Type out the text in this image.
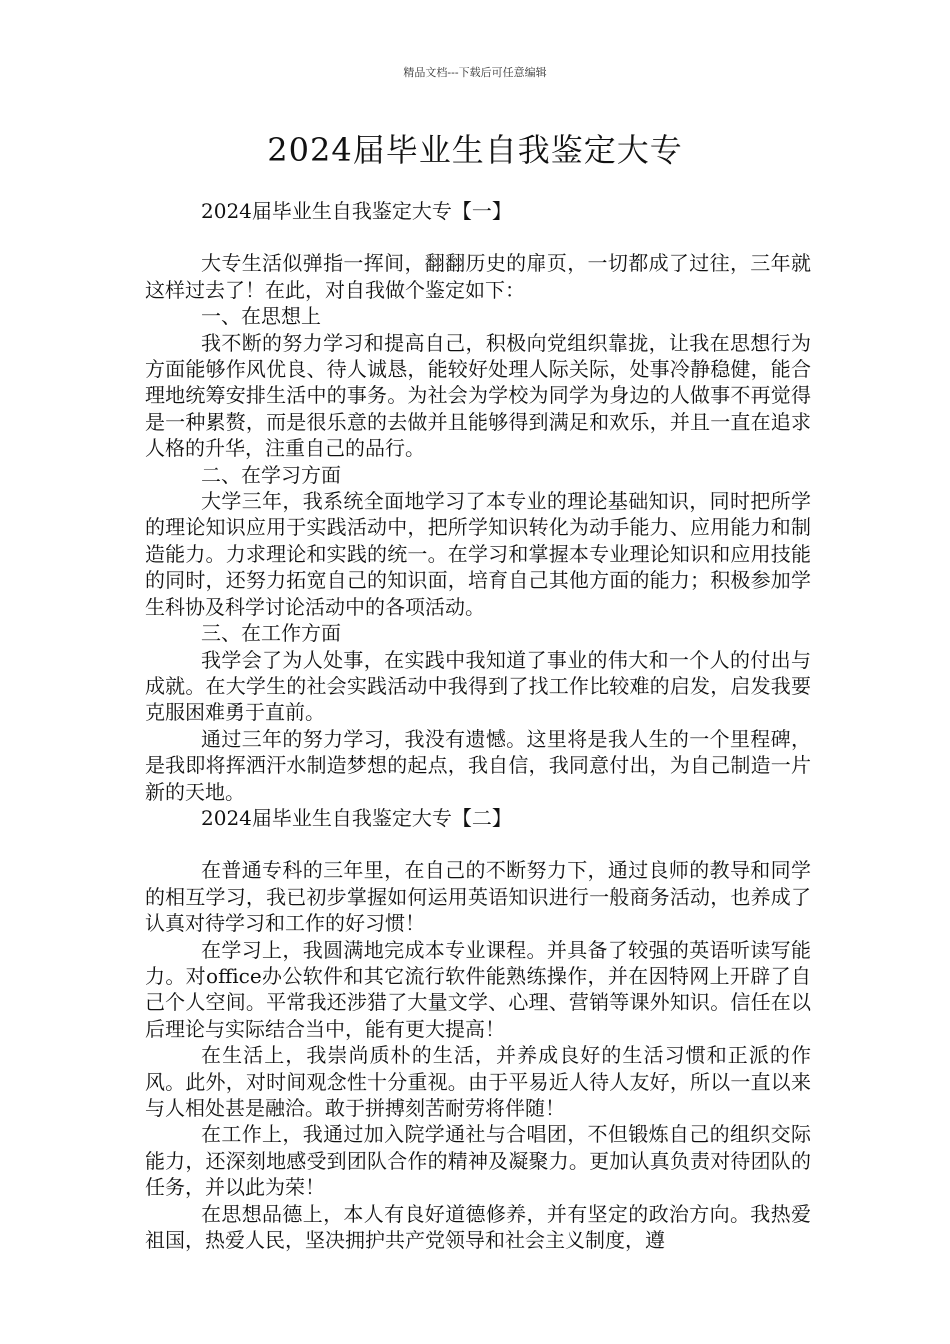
精品文档---下载后可任意编辑
2024届毕业生自我鉴定大专

2024届毕业生自我鉴定大专【一】

大专生活似弹指一挥间，翻翻历史的扉页，一切都成了过往，三年就这样过去了！在此，对自我做个鉴定如下：

一、在思想上

我不断的努力学习和提高自己，积极向党组织靠拢，让我在思想行为方面能够作风优良、待人诚恳，能较好处理人际关际，处事冷静稳健，能合理地统筹安排生活中的事务。为社会为学校为同学为身边的人做事不再觉得是一种累赘，而是很乐意的去做并且能够得到满足和欢乐，并且一直在追求人格的升华，注重自己的品行。

二、在学习方面

大学三年，我系统全面地学习了本专业的理论基础知识，同时把所学的理论知识应用于实践活动中，把所学知识转化为动手能力、应用能力和制造能力。力求理论和实践的统一。在学习和掌握本专业理论知识和应用技能的同时，还努力拓宽自己的知识面，培育自己其他方面的能力；积极参加学生科协及科学讨论活动中的各项活动。

三、在工作方面

我学会了为人处事，在实践中我知道了事业的伟大和一个人的付出与成就。在大学生的社会实践活动中我得到了找工作比较难的启发，启发我要克服困难勇于直前。

通过三年的努力学习，我没有遗憾。这里将是我人生的一个里程碑，是我即将挥洒汗水制造梦想的起点，我自信，我同意付出，为自己制造一片新的天地。

2024届毕业生自我鉴定大专【二】

在普通专科的三年里，在自己的不断努力下，通过良师的教导和同学的相互学习，我已初步掌握如何运用英语知识进行一般商务活动，也养成了认真对待学习和工作的好习惯！

在学习上，我圆满地完成本专业课程。并具备了较强的英语听读写能力。对office办公软件和其它流行软件能熟练操作，并在因特网上开辟了自己个人空间。平常我还涉猎了大量文学、心理、营销等课外知识。信任在以后理论与实际结合当中，能有更大提高！

在生活上，我崇尚质朴的生活，并养成良好的生活习惯和正派的作风。此外，对时间观念性十分重视。由于平易近人待人友好，所以一直以来与人相处甚是融洽。敢于拼搏刻苦耐劳将伴随！

在工作上，我通过加入院学通社与合唱团，不但锻炼自己的组织交际能力，还深刻地感受到团队合作的精神及凝聚力。更加认真负责对待团队的任务，并以此为荣！

在思想品德上，本人有良好道德修养，并有坚定的政治方向。我热爱祖国，热爱人民，坚决拥护共产党领导和社会主义制度，遵
